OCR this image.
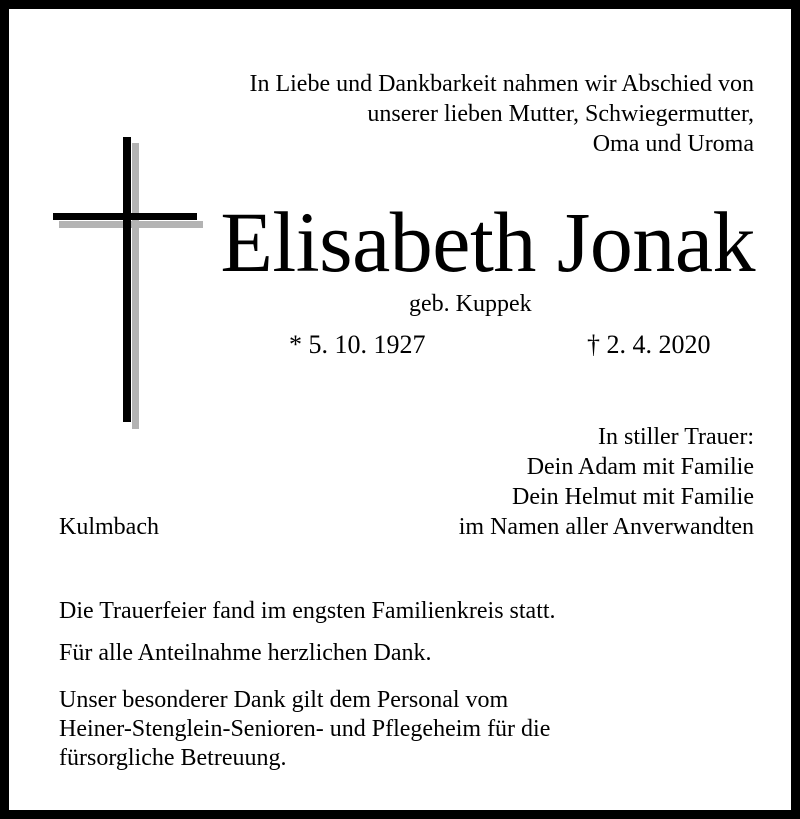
In Liebe und Dankbarkeit nahmen wir Abschied von
unserer lieben Mutter, Schwiegermutter,
Oma und Uroma
Elisabeth Jonak
geb. Kuppek
* 5. 10. 1927	† 2. 4. 2020
In stiller Trauer:
Dein Adam mit Familie
Dein Helmut mit Familie
im Namen aller Anverwandten
Kulmbach
Die Trauerfeier fand im engsten Familienkreis statt.
Für alle Anteilnahme herzlichen Dank.
Unser besonderer Dank gilt dem Personal vom
Heiner-Stenglein-Senioren- und Pflegeheim für die
fürsorgliche Betreuung.
